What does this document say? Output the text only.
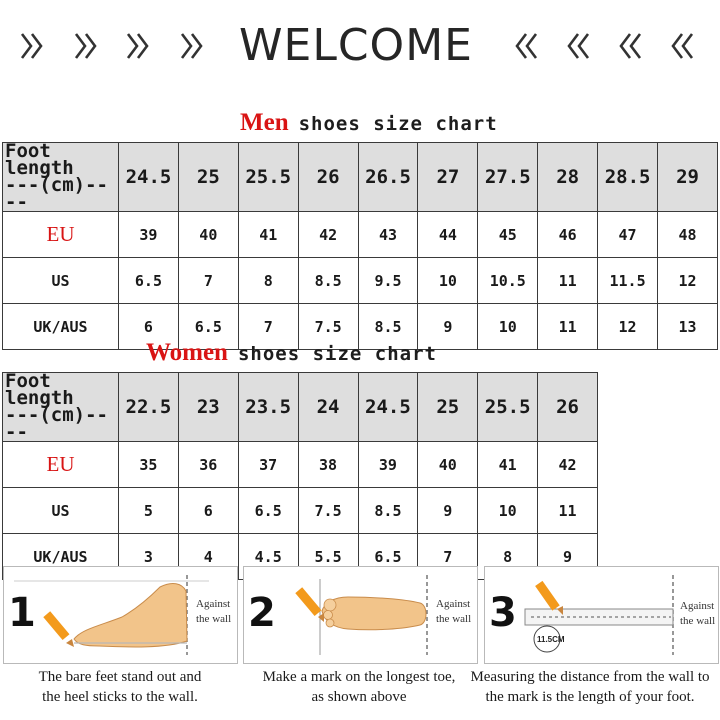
WELCOME
Men shoes size chart
Foot length
---(cm)----	24.5	25	25.5	26	26.5	27	27.5	28	28.5	29
EU	39	40	41	42	43	44	45	46	47	48
US	6.5	7	8	8.5	9.5	10	10.5	11	11.5	12
UK/AUS	6	6.5	7	7.5	8.5	9	10	11	12	13
Women shoes size chart
Foot length
---(cm)----	22.5	23	23.5	24	24.5	25	25.5	26
EU	35	36	37	38	39	40	41	42
US	5	6	6.5	7.5	8.5	9	10	11
UK/AUS	3	4	4.5	5.5	6.5	7	8	9
1	Against
the wall
The bare feet stand out and
the heel sticks to the wall.
2	Against
the wall
Make a mark on the longest toe,
as shown above
3
11.5CM
Against
the wall
Measuring the distance from the wall to
the mark is the length of your foot.
